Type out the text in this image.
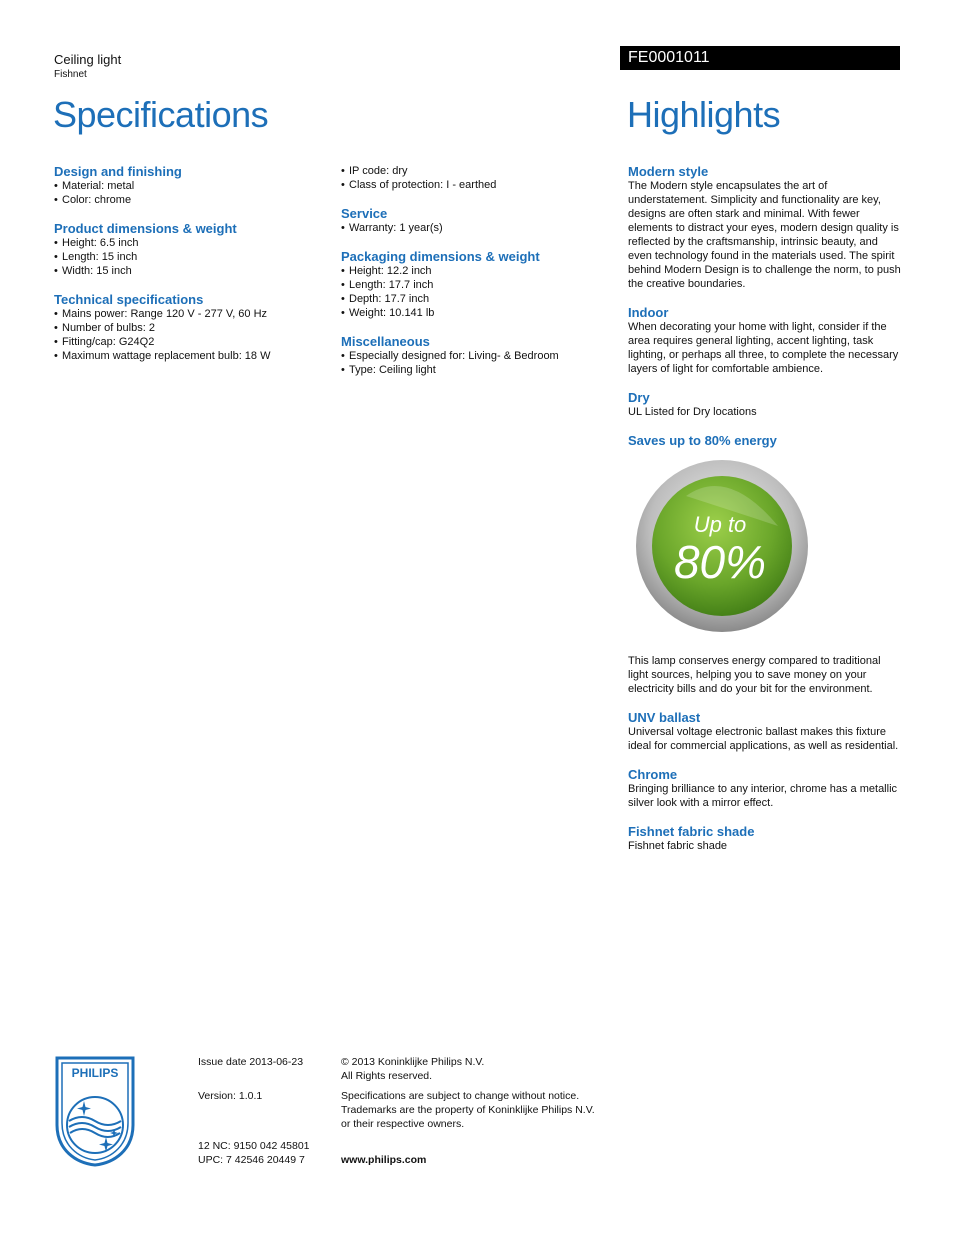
Ceiling light
Fishnet
FE0001011
Specifications	Highlights
Design and finishing
• Material: metal
• Color: chrome
Product dimensions & weight
• Height: 6.5 inch
• Length: 15 inch
• Width: 15 inch
Technical specifications
• Mains power: Range 120 V - 277 V, 60 Hz
• Number of bulbs: 2
• Fitting/cap: G24Q2
• Maximum wattage replacement bulb: 18 W
• IP code: dry
• Class of protection: I - earthed
Service
• Warranty: 1 year(s)
Packaging dimensions & weight
• Height: 12.2 inch
• Length: 17.7 inch
• Depth: 17.7 inch
• Weight: 10.141 lb
Miscellaneous
• Especially designed for: Living- & Bedroom
• Type: Ceiling light
Modern style

The Modern style encapsulates the art of understatement. Simplicity and functionality are key, designs are often stark and minimal. With fewer elements to distract your eyes, modern design quality is reflected by the craftsmanship, intrinsic beauty, and even technology found in the materials used. The spirit behind Modern Design is to challenge the norm, to push the creative boundaries.

Indoor

When decorating your home with light, consider if the area requires general lighting, accent lighting, task lighting, or perhaps all three, to complete the necessary layers of light for comfortable ambience.

Dry

UL Listed for Dry locations

Saves up to 80% energy
Up to
80%

This lamp conserves energy compared to traditional light sources, helping you to save money on your electricity bills and do your bit for the environment.

UNV ballast

Universal voltage electronic ballast makes this fixture ideal for commercial applications, as well as residential.

Chrome

Bringing brilliance to any interior, chrome has a metallic silver look with a mirror effect.

Fishnet fabric shade

Fishnet fabric shade

PHILIPS
Issue date 2013-06-23
Version: 1.0.1
12 NC: 9150 042 45801
UPC: 7 42546 20449 7
© 2013 Koninklijke Philips N.V.
All Rights reserved.
Specifications are subject to change without notice.
Trademarks are the property of Koninklijke Philips N.V.
or their respective owners.
www.philips.com
